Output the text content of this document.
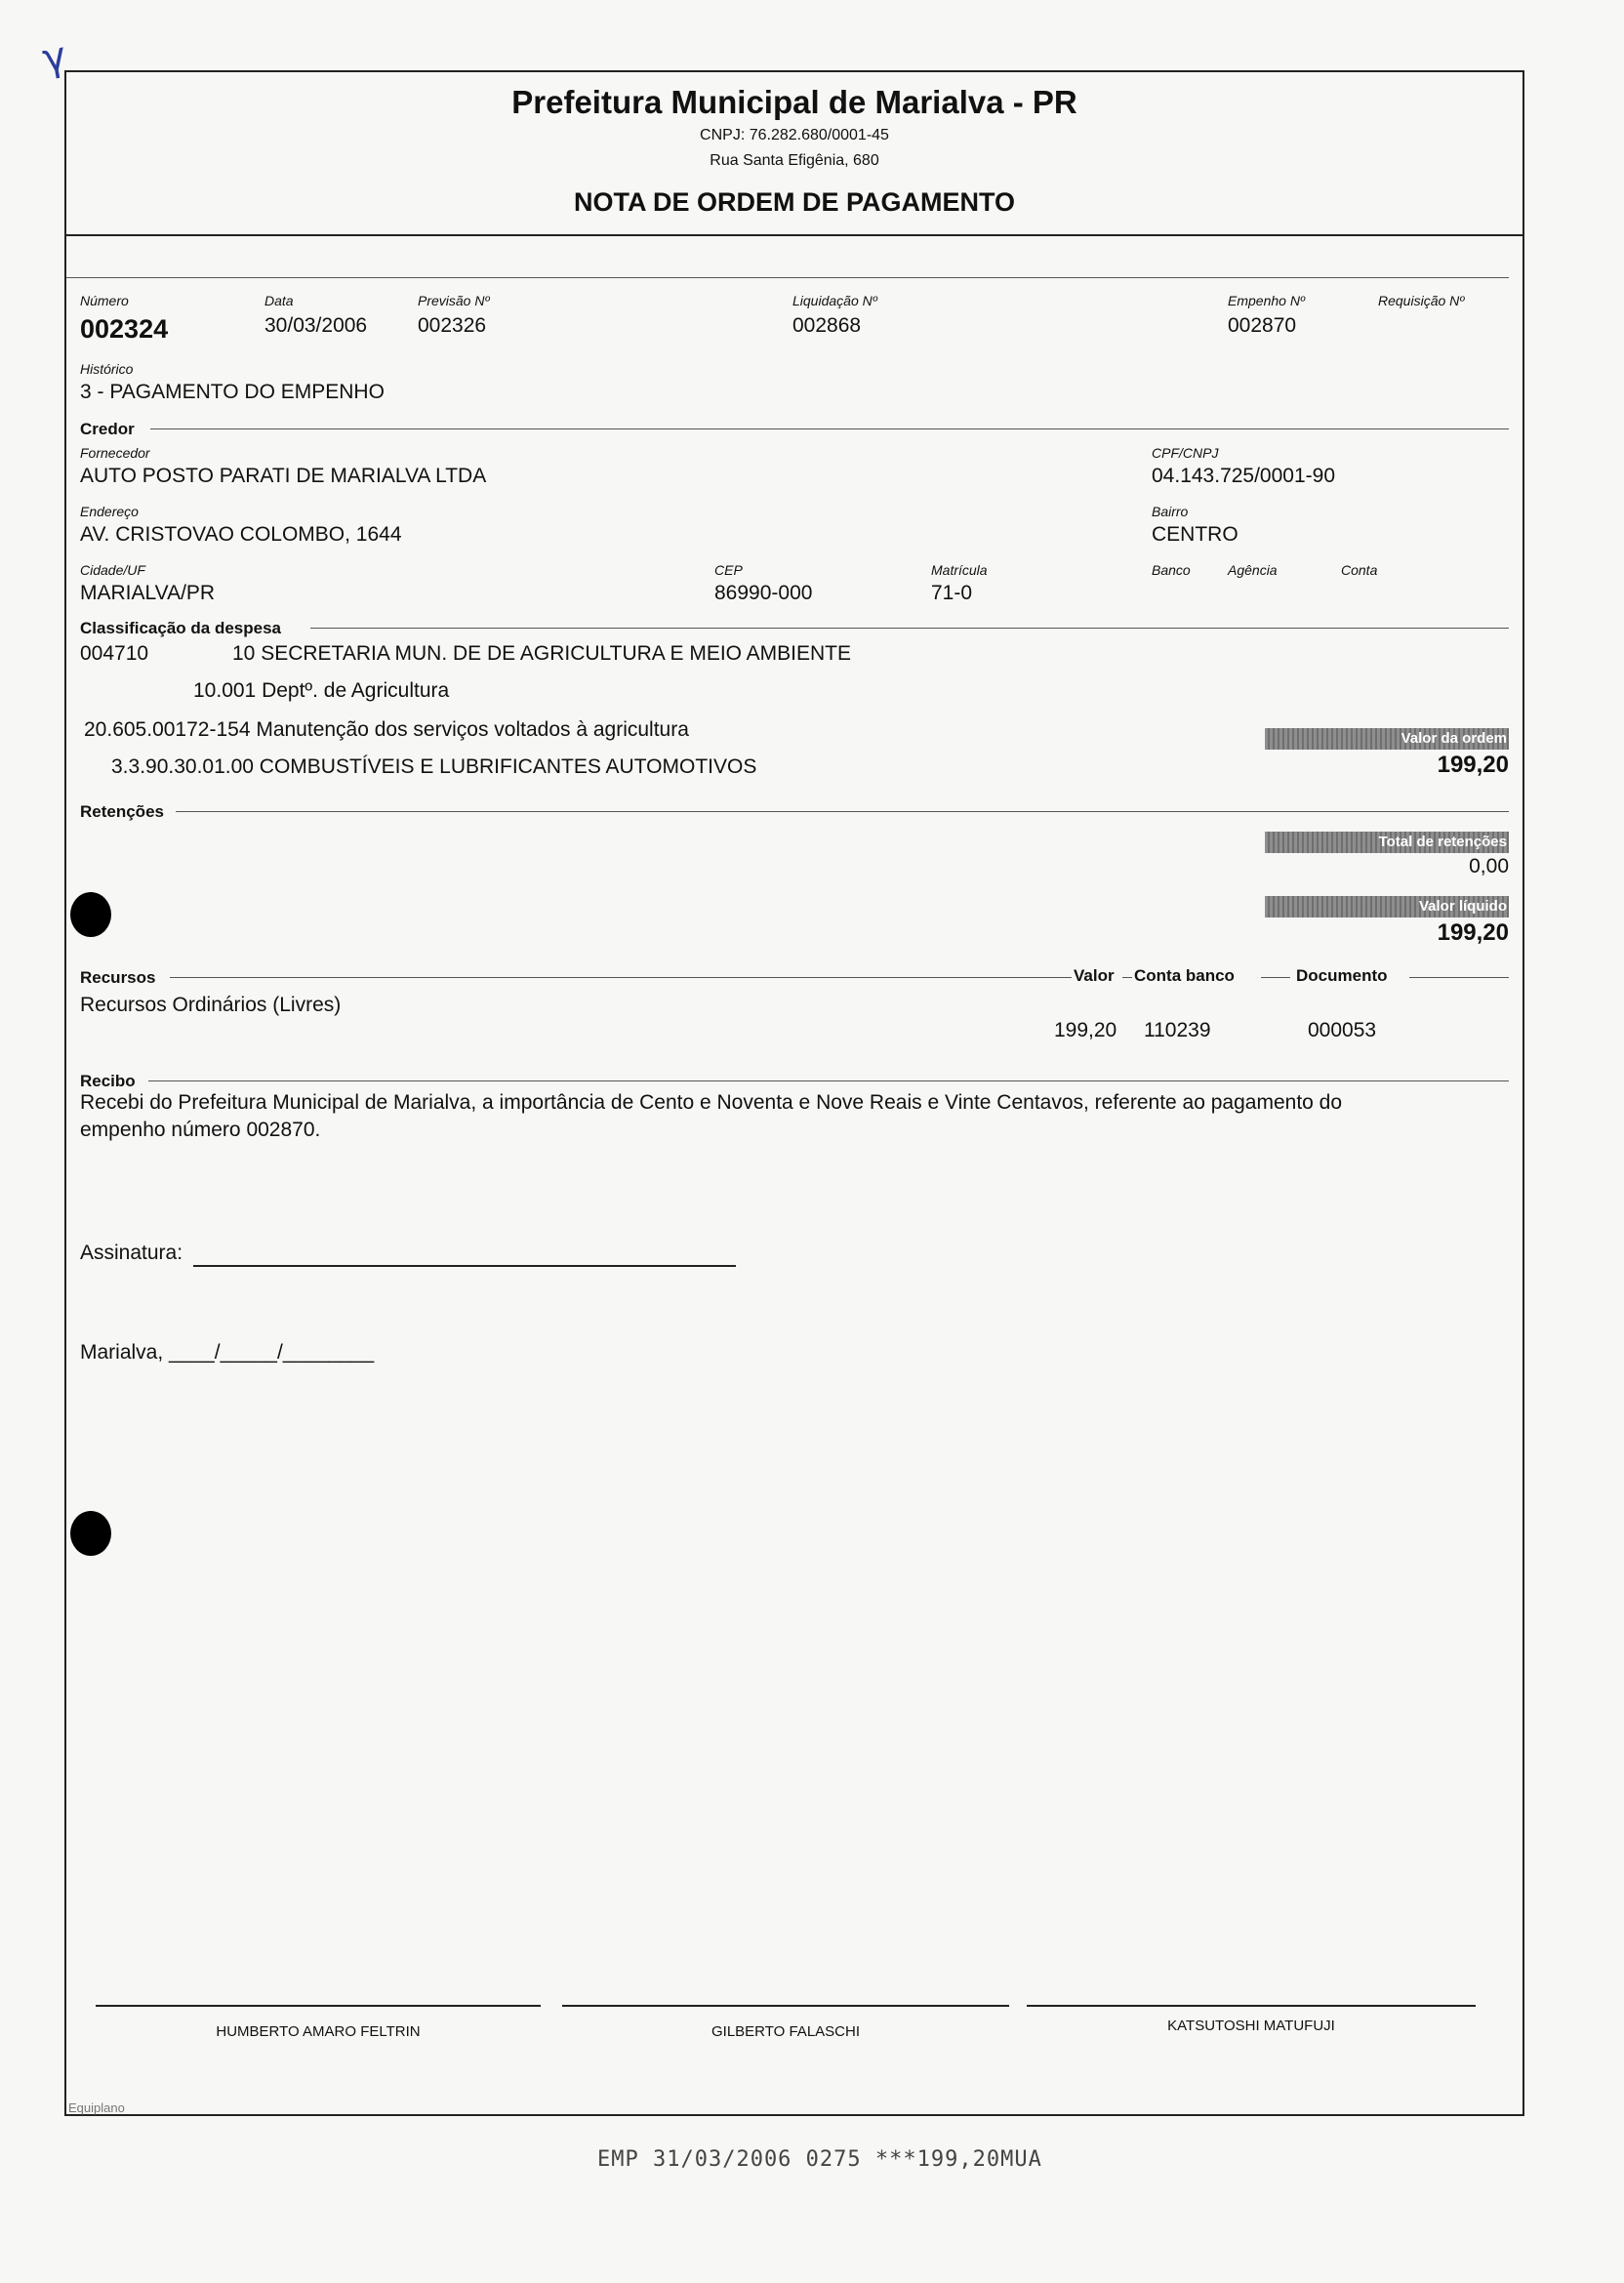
γ
Prefeitura Municipal de Marialva - PR
CNPJ: 76.282.680/0001-45
Rua Santa Efigênia, 680
NOTA DE ORDEM DE PAGAMENTO
Número
002324
Data
30/03/2006
Previsão Nº
002326
Liquidação Nº
002868
Empenho Nº
002870
Requisição Nº
Histórico
3 - PAGAMENTO DO EMPENHO
Credor
Fornecedor
AUTO POSTO PARATI DE MARIALVA LTDA
CPF/CNPJ
04.143.725/0001-90
Endereço
AV. CRISTOVAO COLOMBO, 1644
Bairro
CENTRO
Cidade/UF
MARIALVA/PR
CEP
86990-000
Matrícula
71-0
Banco	Agência	Conta
Classificação da despesa
004710	10 SECRETARIA MUN. DE DE AGRICULTURA E MEIO AMBIENTE
10.001 Deptº. de Agricultura
20.605.00172-154 Manutenção dos serviços voltados à agricultura
3.3.90.30.01.00 COMBUSTÍVEIS E LUBRIFICANTES AUTOMOTIVOS
Valor da ordem
199,20
Retenções
Total de retenções
0,00
Valor líquido
199,20
Recursos	Valor Conta banco	Documento
Recursos Ordinários (Livres)
199,20 110239	000053
Recibo
Recebi do Prefeitura Municipal de Marialva, a importância de Cento e Noventa e Nove Reais e Vinte Centavos, referente ao pagamento do
empenho número 002870.
Assinatura:
Marialva, ____/_____/________
HUMBERTO AMARO FELTRIN	GILBERTO FALASCHI	KATSUTOSHI MATUFUJI
Equiplano
EMP 31/03/2006 0275 ***199,20MUA
